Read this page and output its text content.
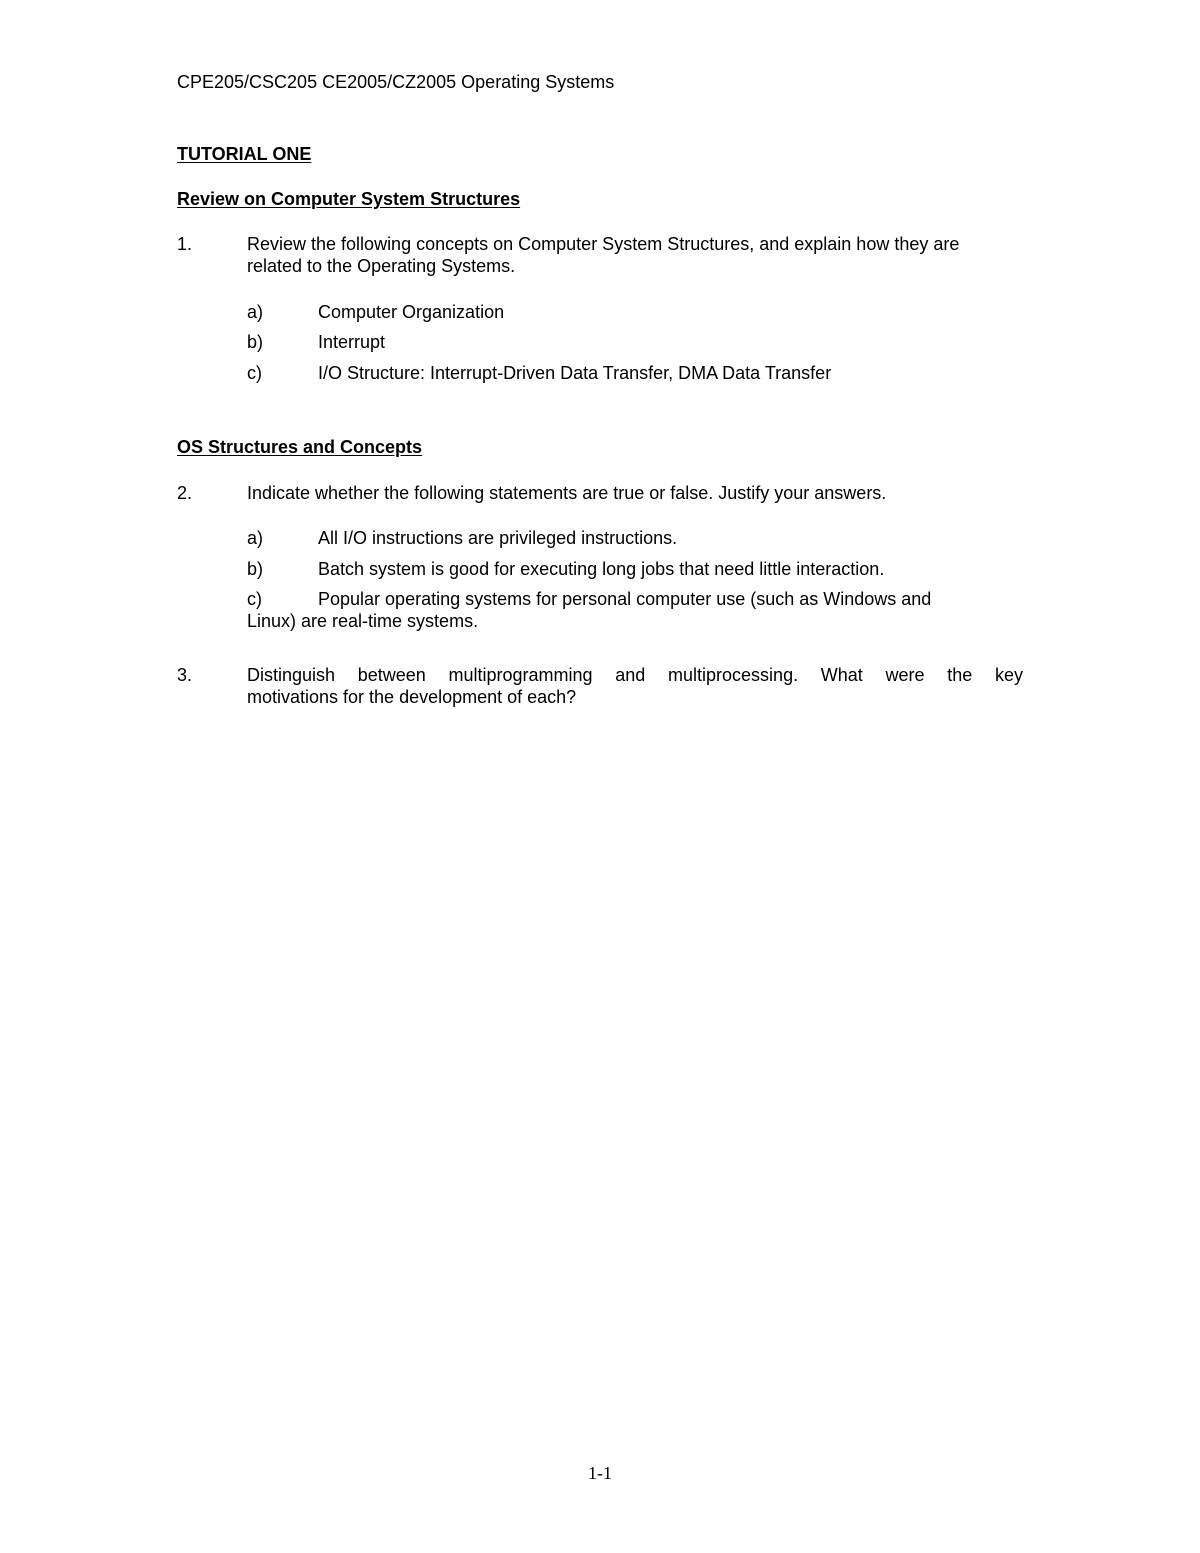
CPE205/CSC205 CE2005/CZ2005 Operating Systems
TUTORIAL ONE
Review on Computer System Structures
1.	Review the following concepts on Computer System Structures, and explain how they are
related to the Operating Systems.
a)	Computer Organization
b)	Interrupt
c)	I/O Structure: Interrupt-Driven Data Transfer, DMA Data Transfer
OS Structures and Concepts
2.	Indicate whether the following statements are true or false. Justify your answers.
a)	All I/O instructions are privileged instructions.
b)	Batch system is good for executing long jobs that need little interaction.
c)	Popular operating systems for personal computer use (such as Windows and
Linux) are real-time systems.
3.	Distinguish between multiprogramming and multiprocessing. What were the key
motivations for the development of each?
1-1
